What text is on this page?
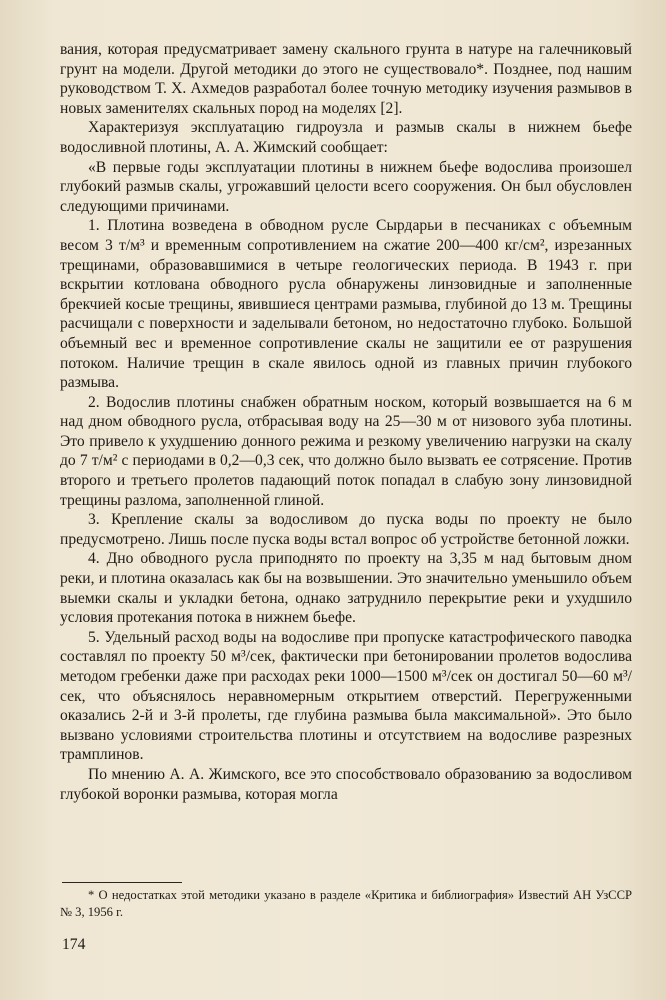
вания, которая предусматривает замену скального грунта в натуре на галечниковый грунт на модели. Другой методики до этого не существовало*. Позднее, под нашим руководством Т. Х. Ахмедов разработал более точную методику изучения размывов в новых заменителях скальных пород на моделях [2].

Характеризуя эксплуатацию гидроузла и размыв скалы в нижнем бьефе водосливной плотины, А. А. Жимский сообщает:

«В первые годы эксплуатации плотины в нижнем бьефе водослива произошел глубокий размыв скалы, угрожавший целости всего сооружения. Он был обусловлен следующими причинами.

1. Плотина возведена в обводном русле Сырдарьи в песчаниках с объемным весом 3 т/м³ и временным сопротивлением на сжатие 200—400 кг/см², изрезанных трещинами, образовавшимися в четыре геологических периода. В 1943 г. при вскрытии котлована обводного русла обнаружены линзовидные и заполненные брекчией косые трещины, явившиеся центрами размыва, глубиной до 13 м. Трещины расчищали с поверхности и заделывали бетоном, но недостаточно глубоко. Большой объемный вес и временное сопротивление скалы не защитили ее от разрушения потоком. Наличие трещин в скале явилось одной из главных причин глубокого размыва.

2. Водослив плотины снабжен обратным носком, который возвышается на 6 м над дном обводного русла, отбрасывая воду на 25—30 м от низового зуба плотины. Это привело к ухудшению донного режима и резкому увеличению нагрузки на скалу до 7 т/м² с периодами в 0,2—0,3 сек, что должно было вызвать ее сотрясение. Против второго и третьего пролетов падающий поток попадал в слабую зону линзовидной трещины разлома, заполненной глиной.

3. Крепление скалы за водосливом до пуска воды по проекту не было предусмотрено. Лишь после пуска воды встал вопрос об устройстве бетонной ложки.

4. Дно обводного русла приподнято по проекту на 3,35 м над бытовым дном реки, и плотина оказалась как бы на возвышении. Это значительно уменьшило объем выемки скалы и укладки бетона, однако затруднило перекрытие реки и ухудшило условия протекания потока в нижнем бьефе.

5. Удельный расход воды на водосливе при пропуске катастрофического паводка составлял по проекту 50 м³/сек, фактически при бетонировании пролетов водослива методом гребенки даже при расходах реки 1000—1500 м³/сек он достигал 50—60 м³/сек, что объяснялось неравномерным открытием отверстий. Перегруженными оказались 2-й и 3-й пролеты, где глубина размыва была максимальной». Это было вызвано условиями строительства плотины и отсутствием на водосливе разрезных трамплинов.

По мнению А. А. Жимского, все это способствовало образованию за водосливом глубокой воронки размыва, которая могла

* О недостатках этой методики указано в разделе «Критика и библиография» Известий АН УзССР № 3, 1956 г.
174
